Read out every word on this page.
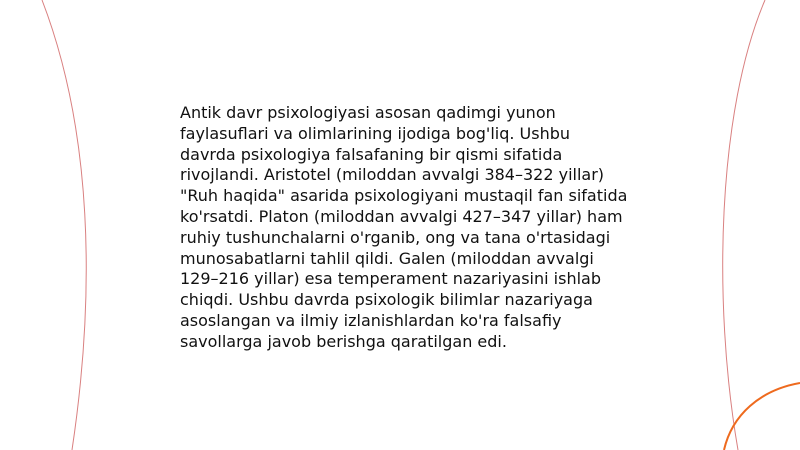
Antik davr psixologiyasi asosan qadimgi yunon faylasuflari va olimlarining ijodiga bog'liq. Ushbu davrda psixologiya falsafaning bir qismi sifatida rivojlandi. Aristotel (miloddan avvalgi 384–322 yillar) "Ruh haqida" asarida psixologiyani mustaqil fan sifatida ko'rsatdi. Platon (miloddan avvalgi 427–347 yillar) ham ruhiy tushunchalarni o'rganib, ong va tana o'rtasidagi munosabatlarni tahlil qildi. Galen (miloddan avvalgi 129–216 yillar) esa temperament nazariyasini ishlab chiqdi. Ushbu davrda psixologik bilimlar nazariyaga asoslangan va ilmiy izlanishlardan ko'ra falsafiy savollarga javob berishga qaratilgan edi.
